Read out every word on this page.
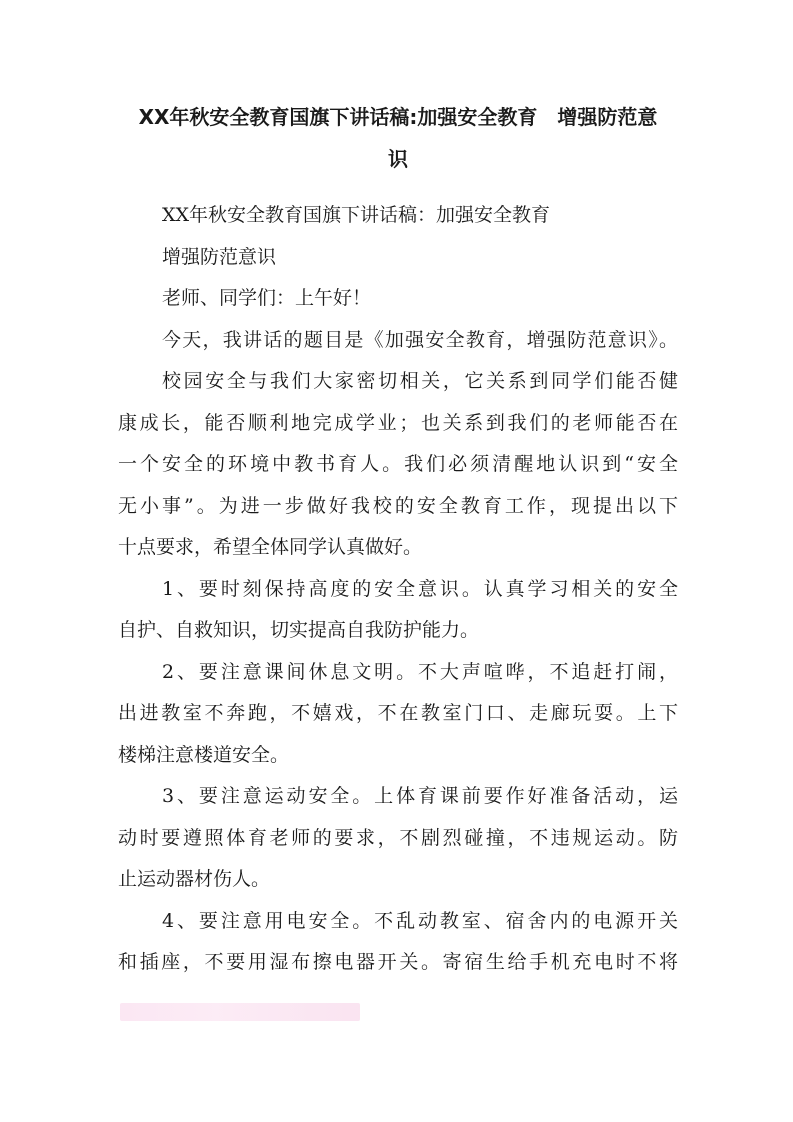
XX年秋安全教育国旗下讲话稿:加强安全教育　增强防范意
识
XX年秋安全教育国旗下讲话稿：加强安全教育
增强防范意识
老师、同学们：上午好！
今天，我讲话的题目是《加强安全教育，增强防范意识》。
校园安全与我们大家密切相关，它关系到同学们能否健
康成长，能否顺利地完成学业；也关系到我们的老师能否在
一个安全的环境中教书育人。我们必须清醒地认识到“安全
无小事”。为进一步做好我校的安全教育工作，现提出以下
十点要求，希望全体同学认真做好。
1、要时刻保持高度的安全意识。认真学习相关的安全
自护、自救知识，切实提高自我防护能力。
2、要注意课间休息文明。不大声喧哗，不追赶打闹，
出进教室不奔跑，不嬉戏，不在教室门口、走廊玩耍。上下
楼梯注意楼道安全。
3、要注意运动安全。上体育课前要作好准备活动，运
动时要遵照体育老师的要求，不剧烈碰撞，不违规运动。防
止运动器材伤人。
4、要注意用电安全。不乱动教室、宿舍内的电源开关
和插座，不要用湿布擦电器开关。寄宿生给手机充电时不将
